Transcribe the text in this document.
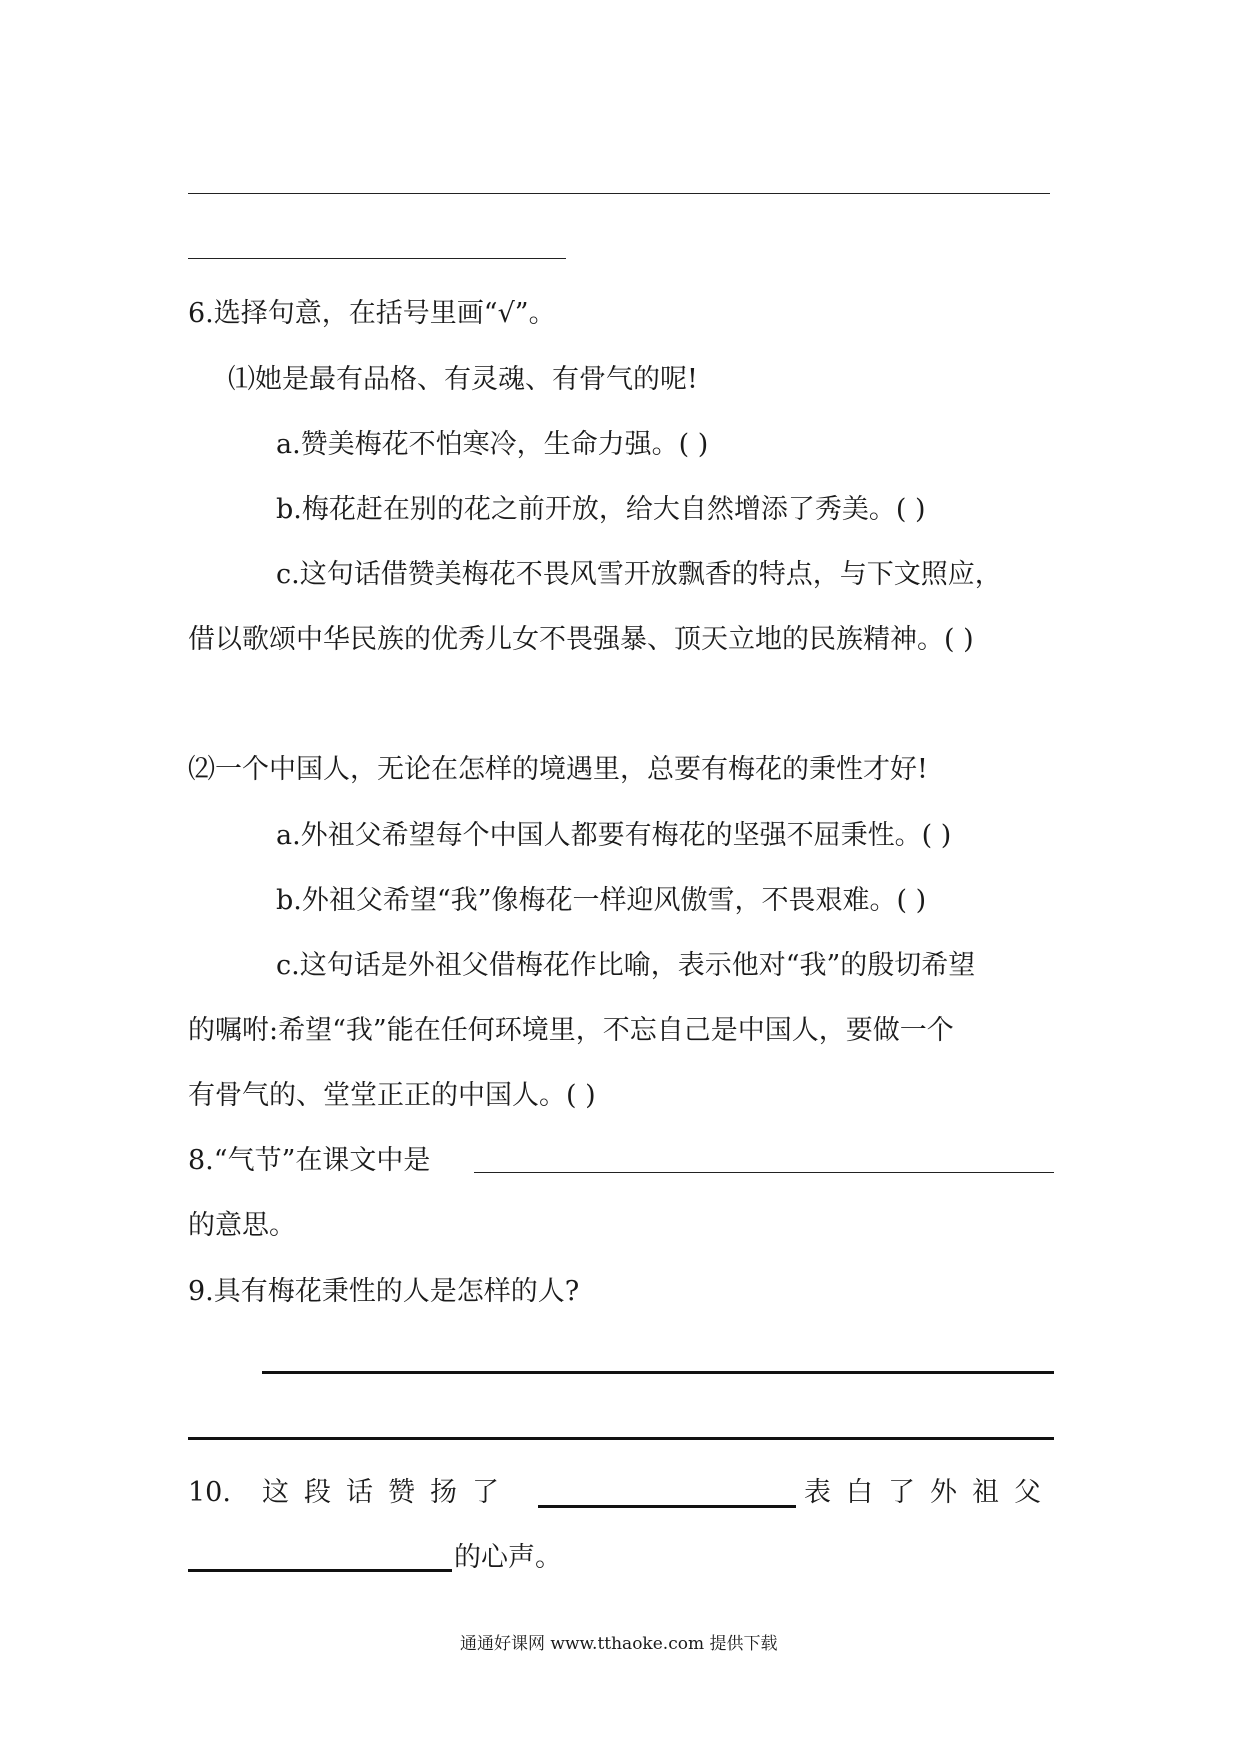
6.选择句意，在括号里画“√”。
⑴她是最有品格、有灵魂、有骨气的呢!
a.赞美梅花不怕寒冷，生命力强。( )
b.梅花赶在别的花之前开放，给大自然增添了秀美。( )
c.这句话借赞美梅花不畏风雪开放飘香的特点，与下文照应，
借以歌颂中华民族的优秀儿女不畏强暴、顶天立地的民族精神。( )
⑵一个中国人，无论在怎样的境遇里，总要有梅花的秉性才好!
a.外祖父希望每个中国人都要有梅花的坚强不屈秉性。( )
b.外祖父希望“我”像梅花一样迎风傲雪，不畏艰难。( )
c.这句话是外祖父借梅花作比喻，表示他对“我”的殷切希望
的嘱咐:希望“我”能在任何环境里，不忘自己是中国人，要做一个
有骨气的、堂堂正正的中国人。( )
8.“气节”在课文中是
的意思。
9.具有梅花秉性的人是怎样的人?
10. 这段话赞扬了	表白了外祖父
的心声。
通通好课网 www.tthaoke.com 提供下载
